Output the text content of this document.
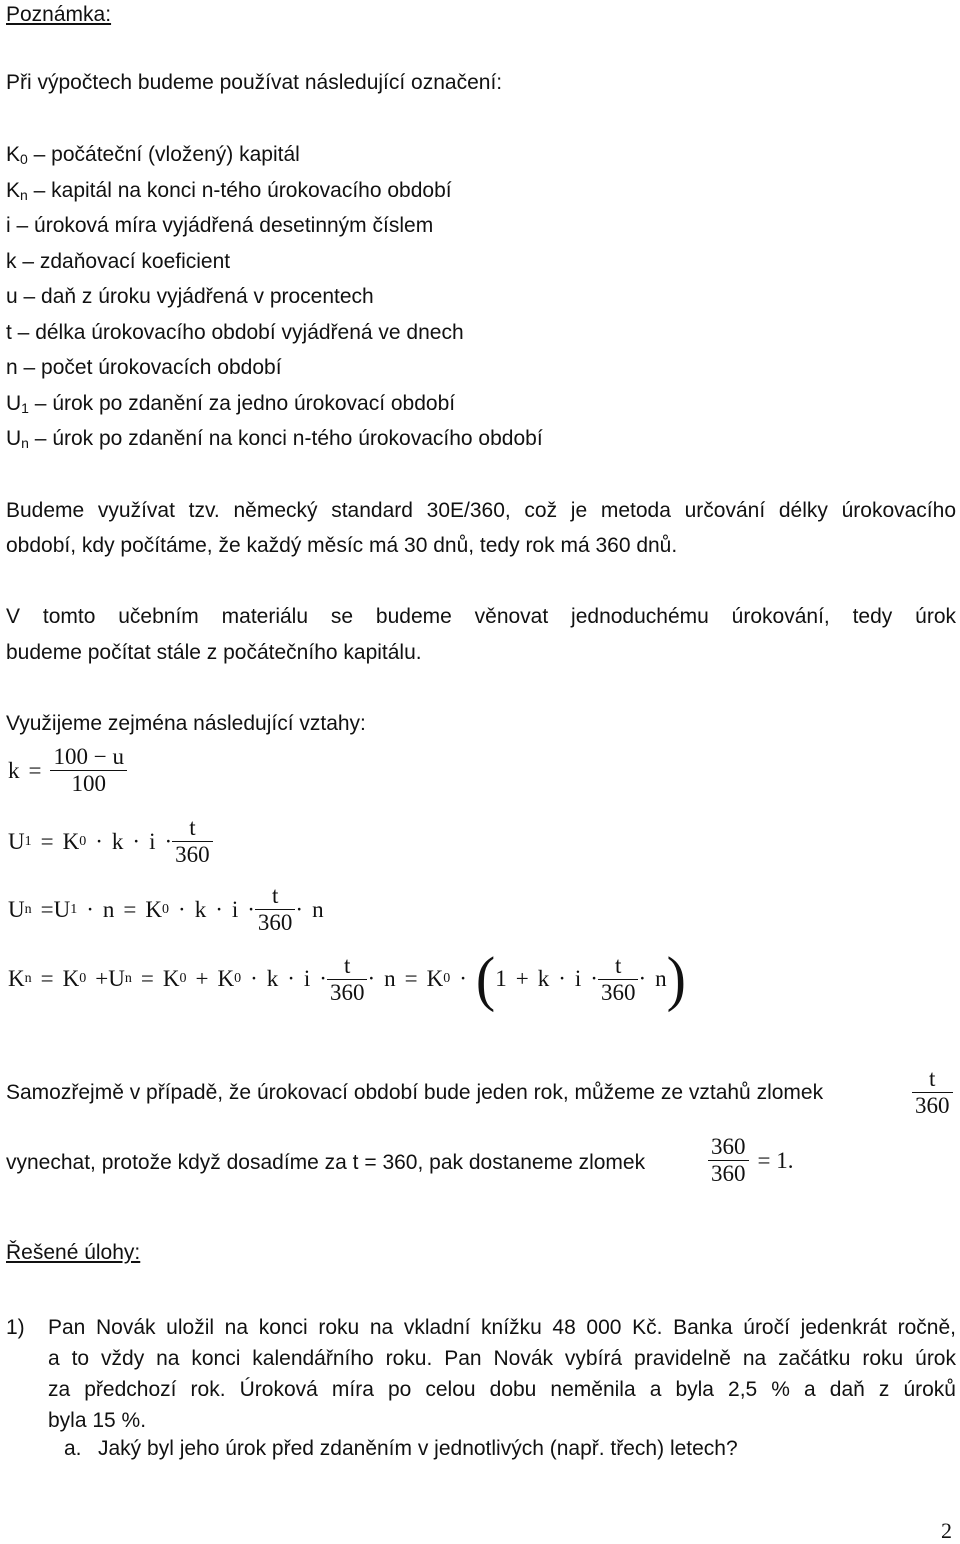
Poznámka:
Při výpočtech budeme používat následující označení:
$K_0$ – počáteční (vložený) kapitál
$K_n$ – kapitál na konci n-tého úrokovacího období
i – úroková míra vyjádřená desetinným číslem
k – zdaňovací koeficient
u – daň z úroku vyjádřená v procentech
t – délka úrokovacího období vyjádřená ve dnech
n – počet úrokovacích období
$U_1$ – úrok po zdanění za jedno úrokovací období
$U_n$ – úrok po zdanění na konci n-tého úrokovacího období
Budeme využívat tzv. německý standard 30E/360, což je metoda určování délky úrokovacího
období, kdy počítáme, že každý měsíc má 30 dnů, tedy rok má 360 dnů.
V tomto učebním materiálu se budeme věnovat jednoduchému úrokování, tedy úrok
budeme počítat stále z počátečního kapitálu.
Využijeme zejména následující vztahy:
$k = \frac{100 - u}{100}$
U 1 = K $0 \cdot k \cdot i \cdot \frac{t}{360}$
U n = U 1 · n = K $0 \cdot k \cdot i \cdot \frac{t}{360} \cdot n$
K n = K 0 + U n = K 0 + K $0 \cdot k \cdot i \cdot \frac{t}{360} \cdot n = K$ 0 · ( $1 + k \cdot i \cdot \frac{t}{360} \cdot n$ )
Samozřejmě v případě, že úrokovací období bude jeden rok, můžeme ze vztahů zlomek	$\frac{t}{360}$
vynechat, protože když dosadíme za t = 360, pak dostaneme zlomek	$\frac{360}{360} = 1$.
Řešené úlohy:
1) Pan Novák uložil na konci roku na vkladní knížku 48 000 Kč. Banka úročí jedenkrát ročně,
a to vždy na konci kalendářního roku. Pan Novák vybírá pravidelně na začátku roku úrok
za předchozí rok. Úroková míra po celou dobu neměnila a byla 2,5 % a daň z úroků
byla 15 %.
a. Jaký byl jeho úrok před zdaněním v jednotlivých (např. třech) letech?
2
